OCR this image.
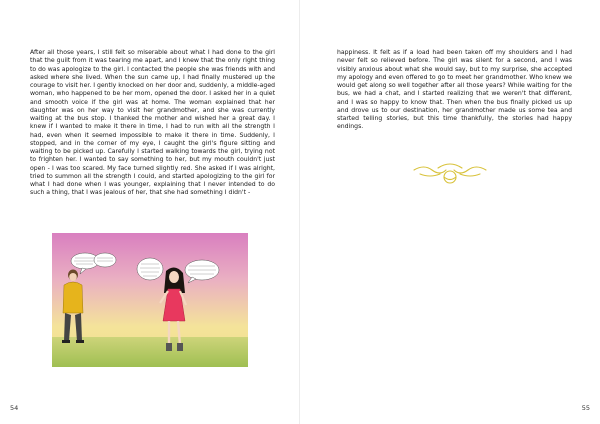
After all those years, I still felt so miserable about what I had done to the girl that the guilt from it was tearing me apart, and I knew that the only right thing to do was apologize to the girl. I contacted the people she was friends with and asked where she lived. When the sun came up, I had finally mustered up the courage to visit her. I gently knocked on her door and, suddenly, a middle-aged woman, who happened to be her mom, opened the door. I asked her in a quiet and smooth voice if the girl was at home. The woman explained that her daughter was on her way to visit her grandmother, and she was currently waiting at the bus stop. I thanked the mother and wished her a great day. I knew if I wanted to make it there in time, I had to run with all the strength I had, even when it seemed impossible to make it there in time. Suddenly, I stopped, and in the corner of my eye, I caught the girl's figure sitting and waiting to be picked up. Carefully I started walking towards the girl, trying not to frighten her. I wanted to say something to her, but my mouth couldn't just open - I was too scared. My face turned slightly red. She asked if I was alright, tried to summon all the strength I could, and started apologizing to the girl for what I had done when I was younger, explaining that I never intended to do such a thing, that I was jealous of her, that she had something I didn't -

54

happiness. It felt as if a load had been taken off my shoulders and I had never felt so relieved before. The girl was silent for a second, and I was visibly anxious about what she would say, but to my surprise, she accepted my apology and even offered to go to meet her grandmother. Who knew we would get along so well together after all those years? While waiting for the bus, we had a chat, and I started realizing that we weren't that different, and I was so happy to know that. Then when the bus finally picked us up and drove us to our destination, her grandmother made us some tea and started telling stories, but this time thankfully, the stories had happy endings.

55
